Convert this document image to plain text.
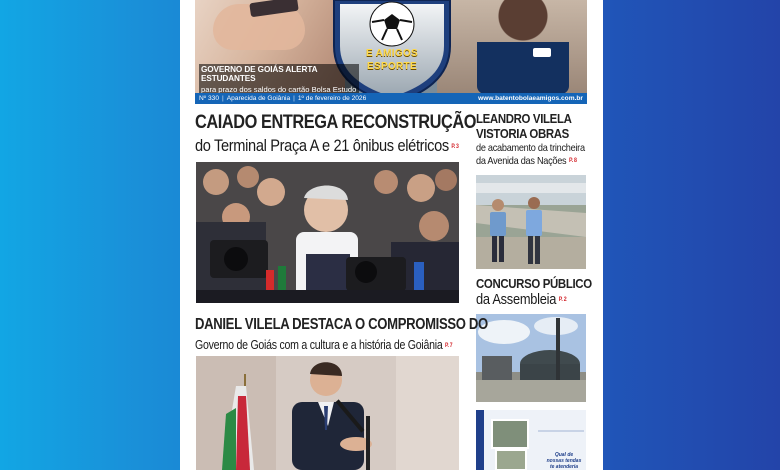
E AMIGOS
ESPORTE
GOVERNO DE GOIÁS ALERTA ESTUDANTES
para prazo dos saldos do cartão Bolsa Estudo
Nº 330 | Aparecida de Goiânia | 1º de fevereiro de 2026	www.batentobolaeamigos.com.br
CAIADO ENTREGA RECONSTRUÇÃO
do Terminal Praça A e 21 ônibus elétricos P. 3
LEANDRO VILELA
VISTORIA OBRAS
de acabamento da trincheira
da Avenida das Nações P. 8
CONCURSO PÚBLICO
da Assembleia P. 2
DANIEL VILELA DESTACA O COMPROMISSO DO
Governo de Goiás com a cultura e a história de Goiânia P. 7
Qual de
nossas tendas
te atenderia
